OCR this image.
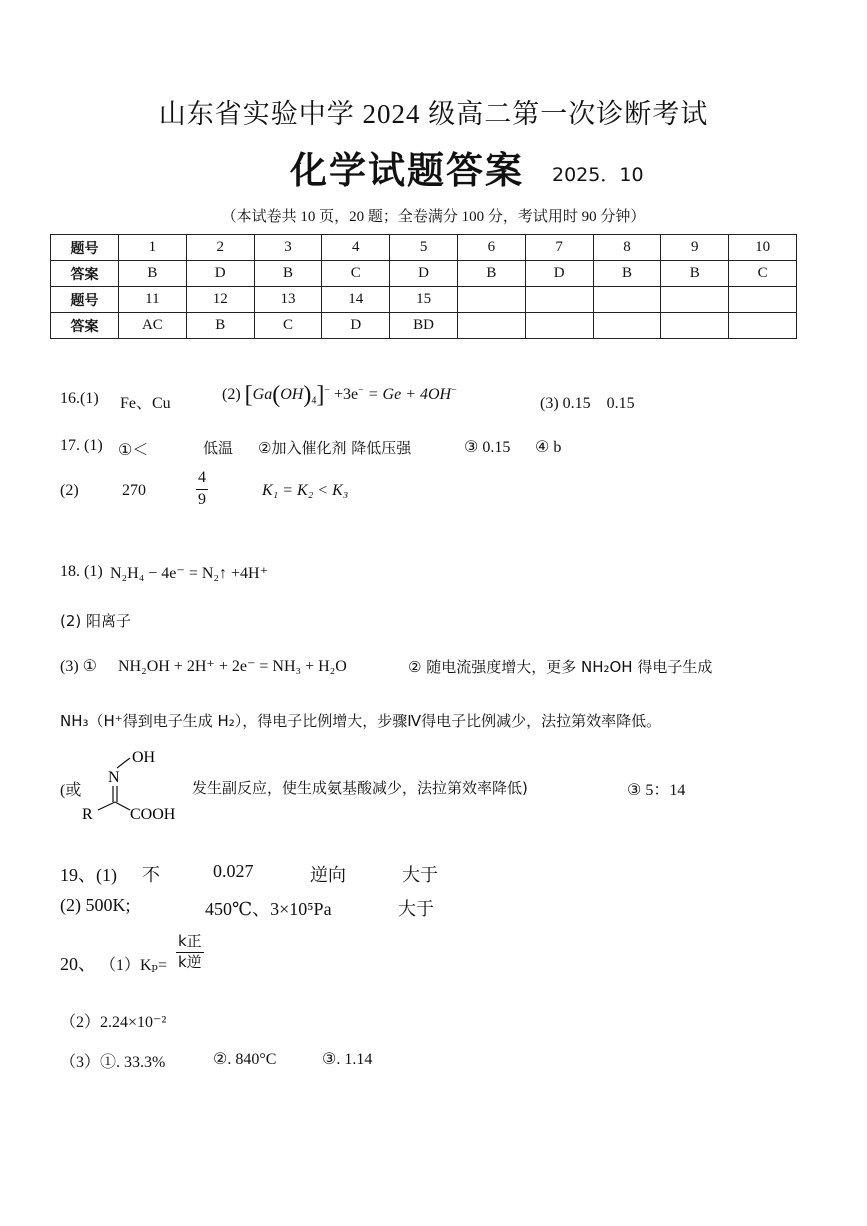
山东省实验中学 2024 级高二第一次诊断考试
化学试题答案 2025．10
（本试卷共 10 页，20 题；全卷满分 100 分，考试用时 90 分钟）
题号	1	2	3	4	5	6	7	8	9	10
答案	B	D	B	C	D	B	D	B	B	C
题号	11	12	13	14	15					
答案	AC	B	C	D	BD					
16.(1) Fe、Cu
(2) $[Ga(OH)_4]^- +3e^- = Ge + 4OH^-$
(3) 0.15　0.15
17. (1) ①＜	低温 ②加入催化剂 降低压强	③ 0.15 ④ b
(2)	270	$\frac{4}{9}$	K₁ = K₂ < K₃
18. (1) N₂H₄ − 4e⁻ = N₂↑ +4H⁺
(2) 阳离子
(3) ① NH₂OH + 2H⁺ + 2e⁻ = NH₃ + H₂O	② 随电流强度增大，更多 NH₂OH 得电子生成
NH₃（H⁺得到电子生成 H₂），得电子比例增大，步骤Ⅳ得电子比例减少，法拉第效率降低。
(或
OH
N
R COOH
发生副反应，使生成氨基酸减少，法拉第效率降低)	③ 5：14
19、(1) 不	0.027	逆向	大于
(2) 500K;	450℃、3×10⁵Pa	大于
20、 $(1)K_p= \frac{\text{k正}}{\text{k逆}}$
（2）2.24×10⁻²
（3）①. 33.3%	②. 840°C	③. 1.14
